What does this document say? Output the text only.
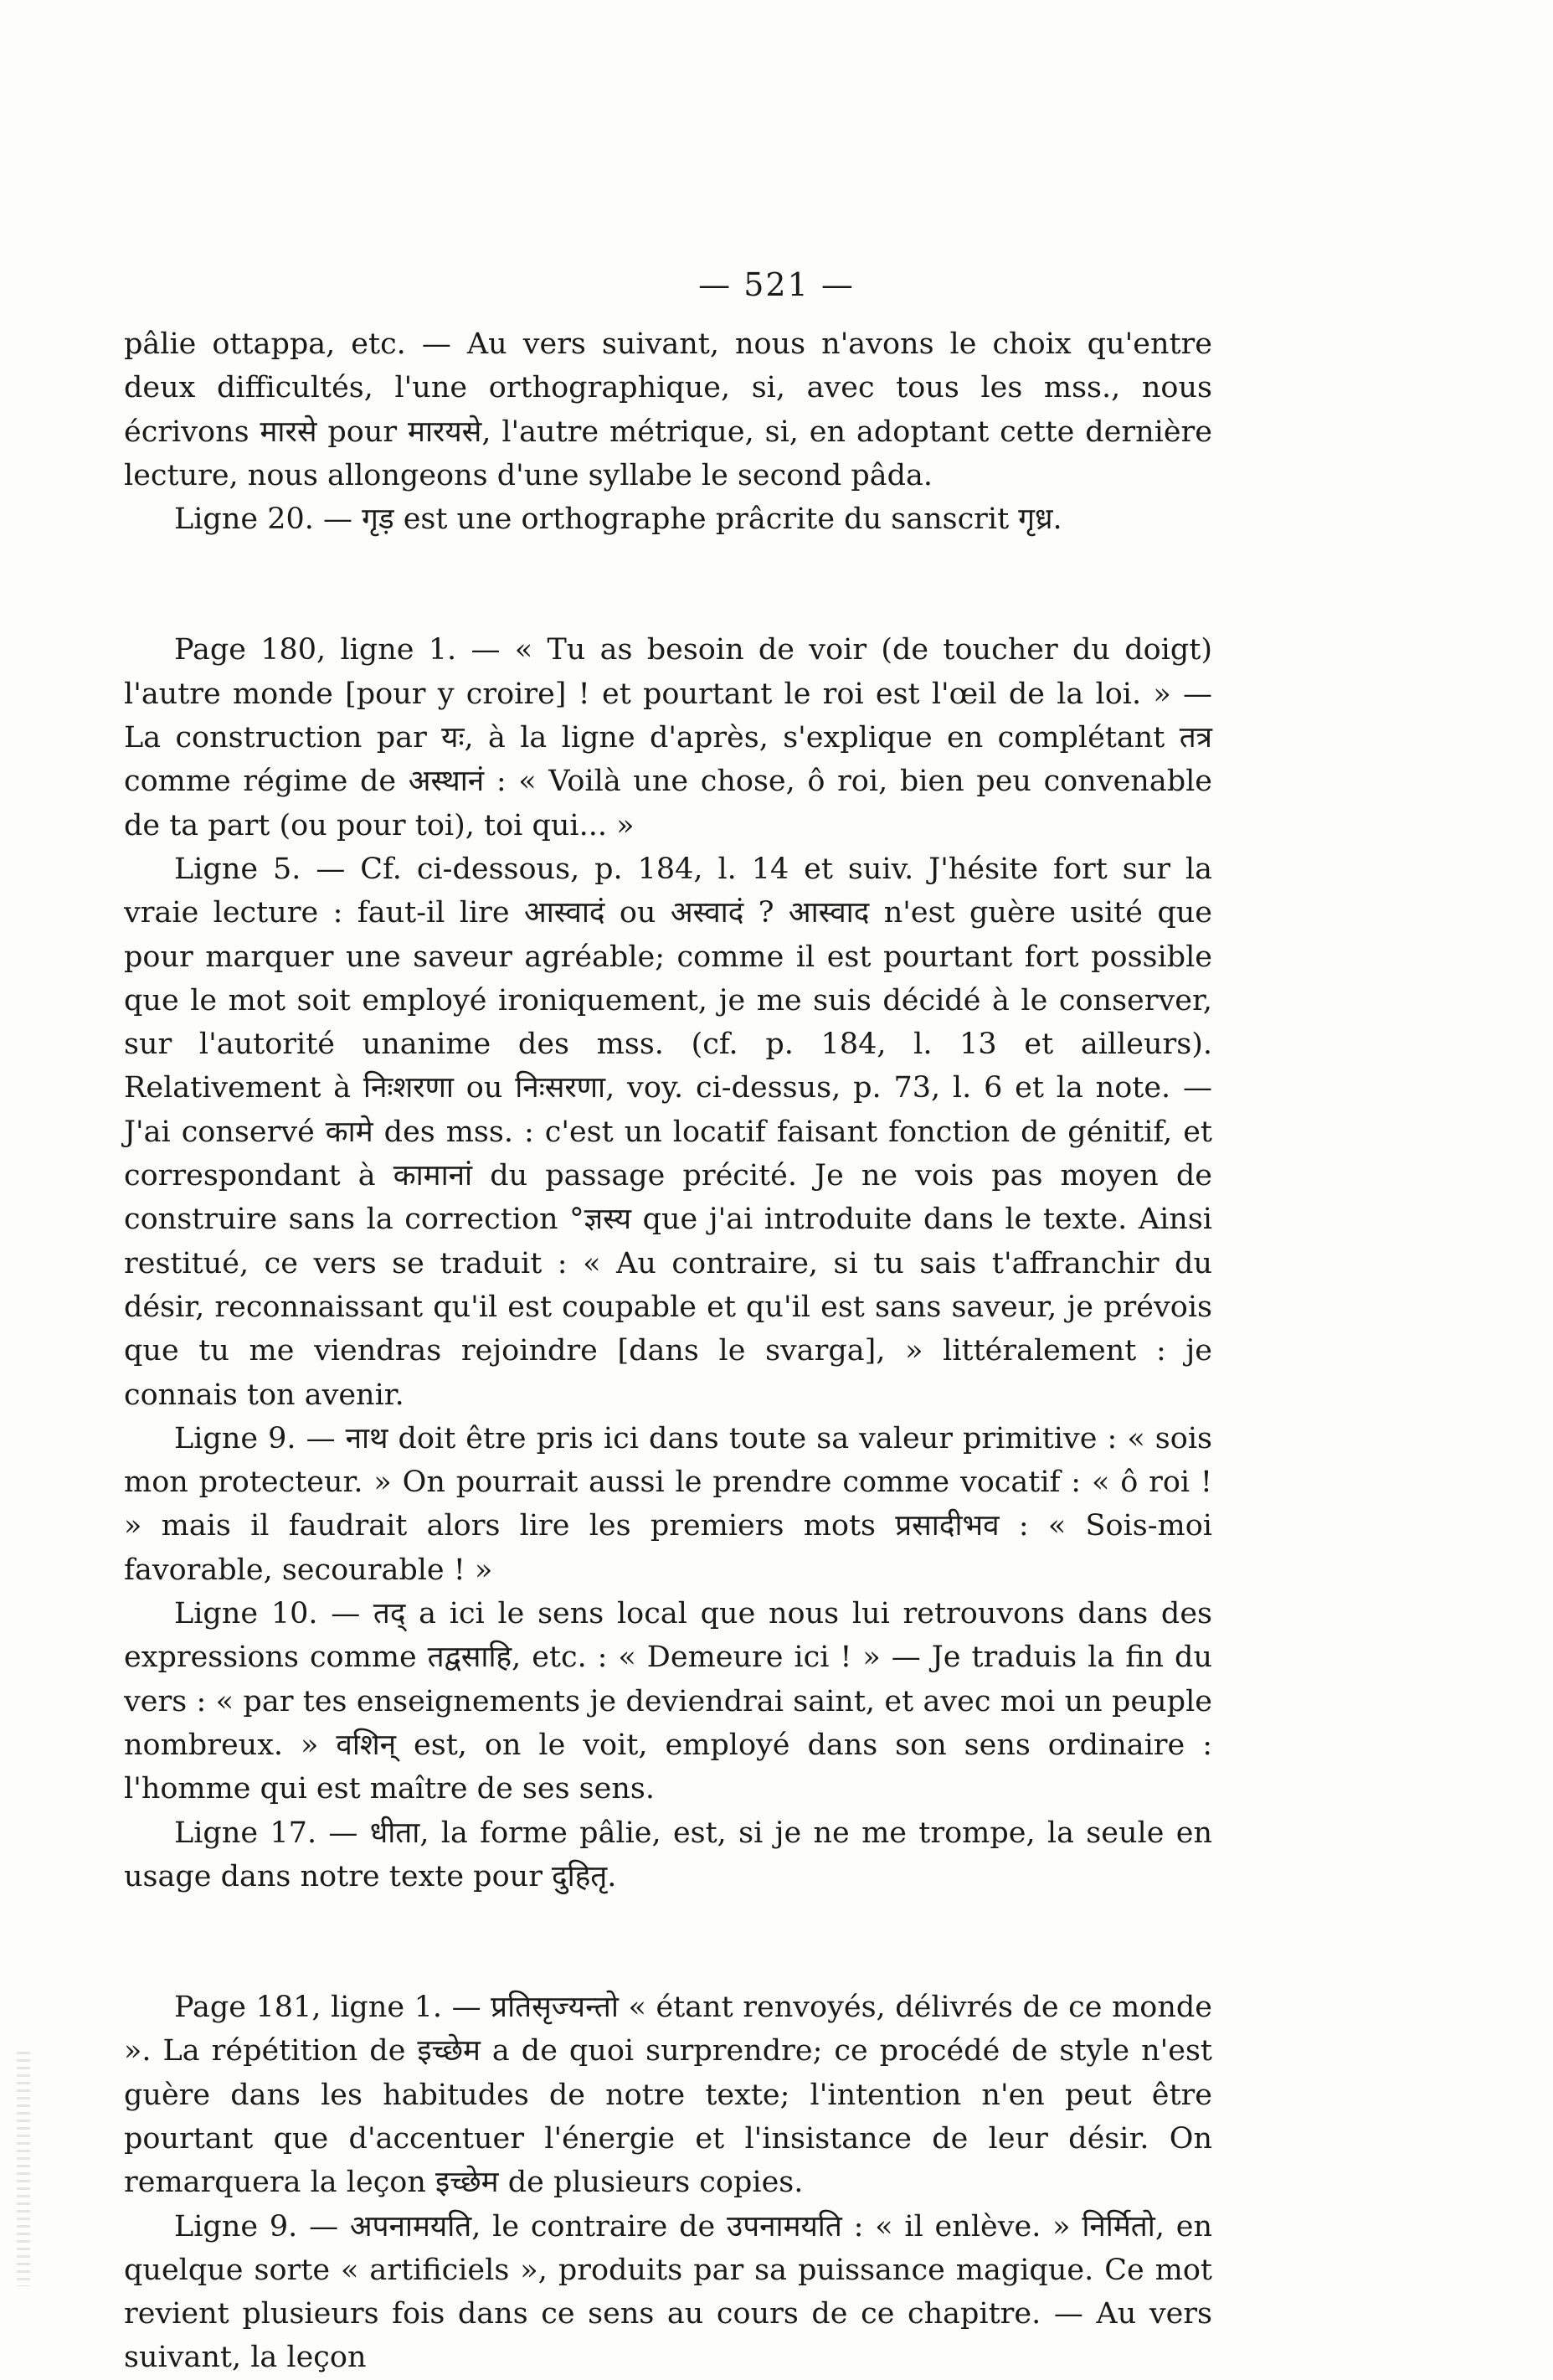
— 521 —

pâlie ottappa, etc. — Au vers suivant, nous n'avons le choix qu'entre deux difficultés, l'une orthographique, si, avec tous les mss., nous écrivons मारसे pour मारयसे, l'autre métrique, si, en adoptant cette dernière lecture, nous allongeons d'une syllabe le second pâda.

Ligne 20. — गृड़ est une orthographe prâcrite du sanscrit गृध्र.

Page 180, ligne 1. — « Tu as besoin de voir (de toucher du doigt) l'autre monde [pour y croire] ! et pourtant le roi est l'œil de la loi. » — La construction par यः, à la ligne d'après, s'explique en complétant तत्र comme régime de अस्थानं : « Voilà une chose, ô roi, bien peu convenable de ta part (ou pour toi), toi qui... »

Ligne 5. — Cf. ci-dessous, p. 184, l. 14 et suiv. J'hésite fort sur la vraie lecture : faut-il lire आस्वादं ou अस्वादं ? आस्वाद n'est guère usité que pour marquer une saveur agréable; comme il est pourtant fort possible que le mot soit employé ironiquement, je me suis décidé à le conserver, sur l'autorité unanime des mss. (cf. p. 184, l. 13 et ailleurs). Relativement à निःशरणा ou निःसरणा, voy. ci-dessus, p. 73, l. 6 et la note. — J'ai conservé कामे des mss. : c'est un locatif faisant fonction de génitif, et correspondant à कामानां du passage précité. Je ne vois pas moyen de construire sans la correction °ज्ञस्य que j'ai introduite dans le texte. Ainsi restitué, ce vers se traduit : « Au contraire, si tu sais t'affranchir du désir, reconnaissant qu'il est coupable et qu'il est sans saveur, je prévois que tu me viendras rejoindre [dans le svarga], » littéralement : je connais ton avenir.

Ligne 9. — नाथ doit être pris ici dans toute sa valeur primitive : « sois mon protecteur. » On pourrait aussi le prendre comme vocatif : « ô roi ! » mais il faudrait alors lire les premiers mots प्रसादीभव : « Sois-moi favorable, secourable ! »

Ligne 10. — तद् a ici le sens local que nous lui retrouvons dans des expressions comme तद्वसाहि, etc. : « Demeure ici ! » — Je traduis la fin du vers : « par tes enseignements je deviendrai saint, et avec moi un peuple nombreux. » वशिन् est, on le voit, employé dans son sens ordinaire : l'homme qui est maître de ses sens.

Ligne 17. — धीता, la forme pâlie, est, si je ne me trompe, la seule en usage dans notre texte pour दुहितृ.

Page 181, ligne 1. — प्रतिसृज्यन्तो « étant renvoyés, délivrés de ce monde ». La répétition de इच्छेम a de quoi surprendre; ce procédé de style n'est guère dans les habitudes de notre texte; l'intention n'en peut être pourtant que d'accentuer l'énergie et l'insistance de leur désir. On remarquera la leçon इच्छेम de plusieurs copies.

Ligne 9. — अपनामयति, le contraire de उपनामयति : « il enlève. » निर्मितो, en quelque sorte « artificiels », produits par sa puissance magique. Ce mot revient plusieurs fois dans ce sens au cours de ce chapitre. — Au vers suivant, la leçon
